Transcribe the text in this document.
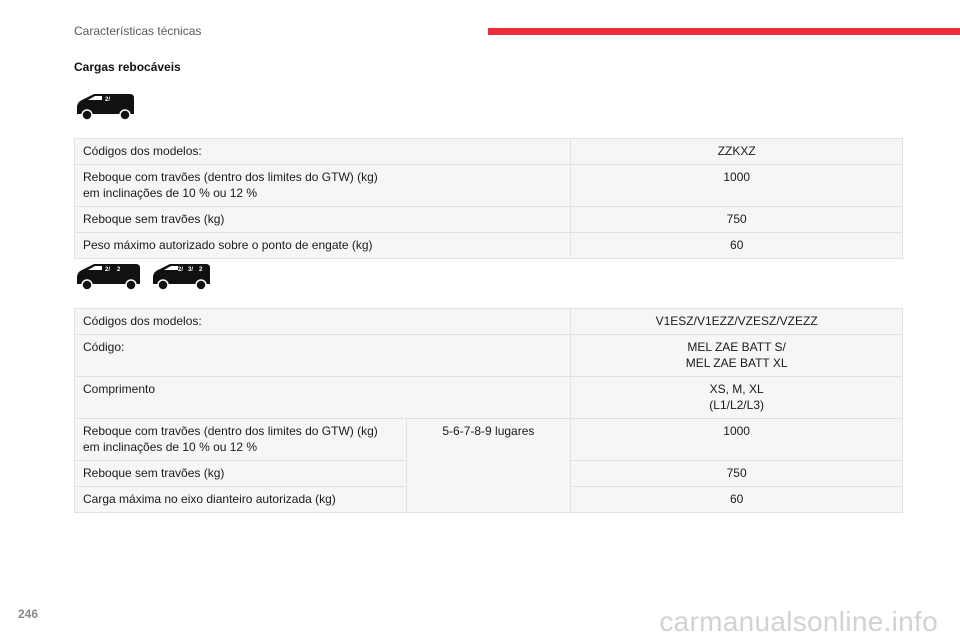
Características técnicas
Cargas rebocáveis
2/
Códigos dos modelos:	ZZKXZ
Reboque com travões (dentro dos limites do GTW) (kg)
em inclinações de 10 % ou 12 %	1000
Reboque sem travões (kg)	750
Peso máximo autorizado sobre o ponto de engate (kg)	60
2/ 2	2/ 3/ 2
Códigos dos modelos:		V1ESZ/V1EZZ/VZESZ/VZEZZ
Código:		MEL ZAE BATT S/
MEL ZAE BATT XL
Comprimento		XS, M, XL
(L1/L2/L3)
Reboque com travões (dentro dos limites do GTW) (kg)
em inclinações de 10 % ou 12 %	5-6-7-8-9 lugares	1000
Reboque sem travões (kg)		750
Carga máxima no eixo dianteiro autorizada (kg)		60
246	carmanualsonline.info
